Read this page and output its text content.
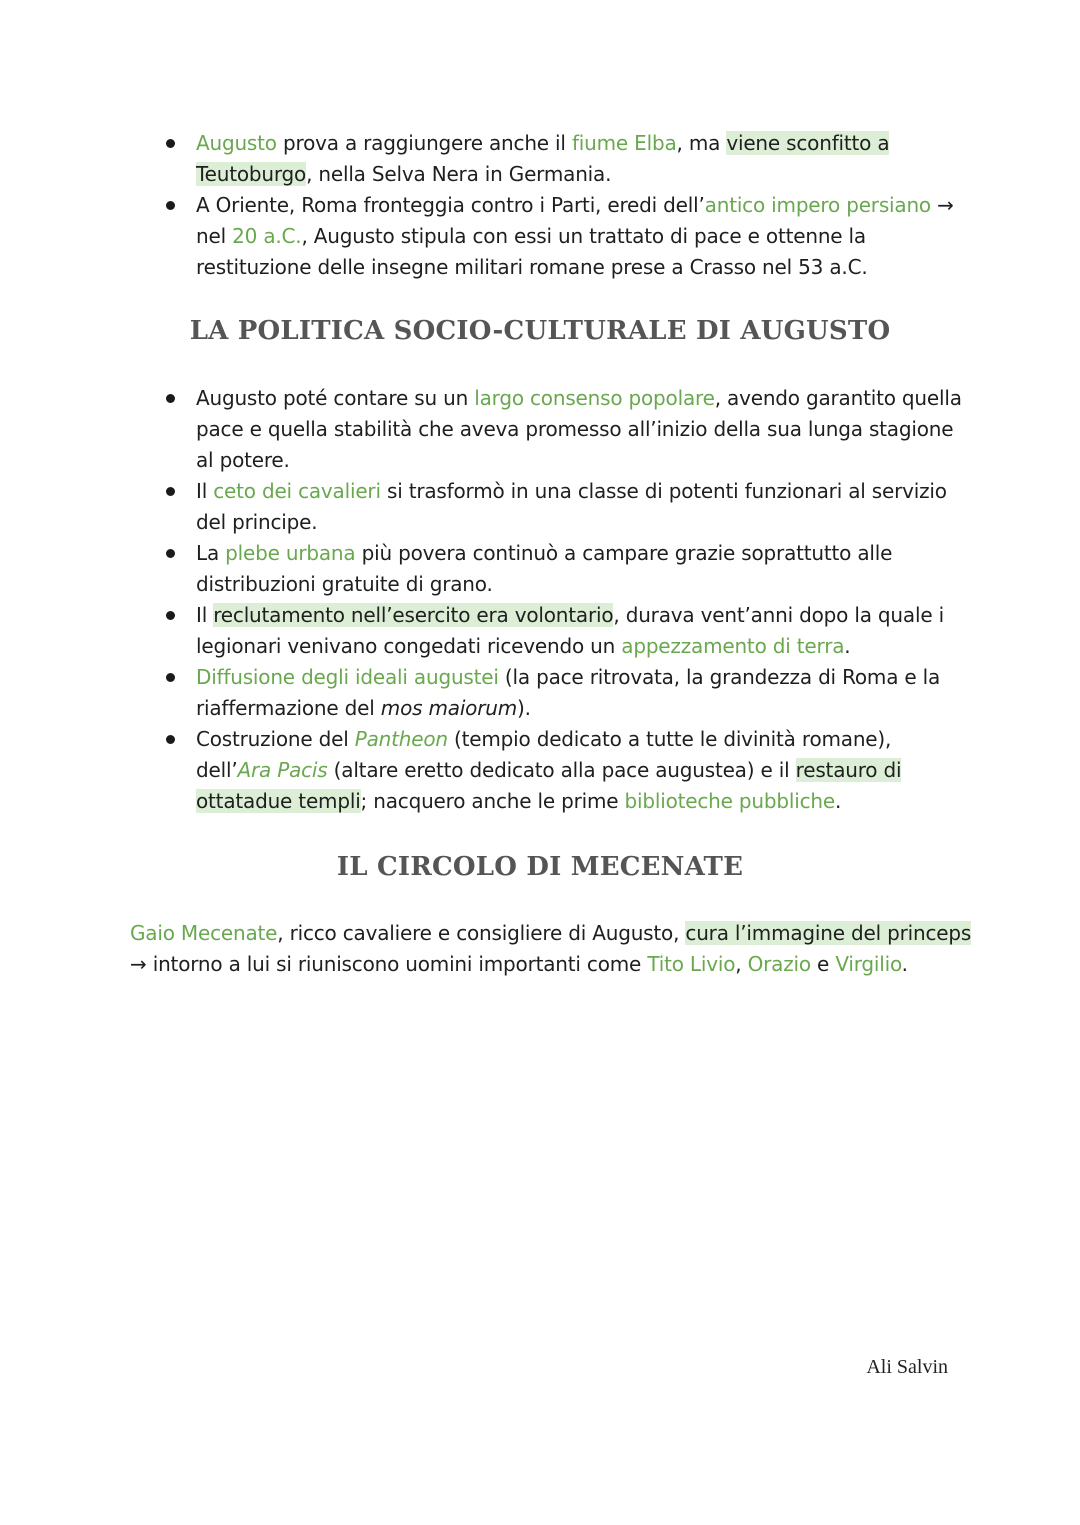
Augusto prova a raggiungere anche il fiume Elba, ma viene sconfitto a Teutoburgo, nella Selva Nera in Germania.
A Oriente, Roma fronteggia contro i Parti, eredi dell’antico impero persiano → nel 20 a.C., Augusto stipula con essi un trattato di pace e ottenne la restituzione delle insegne militari romane prese a Crasso nel 53 a.C.
LA POLITICA SOCIO-CULTURALE DI AUGUSTO
Augusto poté contare su un largo consenso popolare, avendo garantito quella pace e quella stabilità che aveva promesso all’inizio della sua lunga stagione al potere.
Il ceto dei cavalieri si trasformò in una classe di potenti funzionari al servizio del principe.
La plebe urbana più povera continuò a campare grazie soprattutto alle distribuzioni gratuite di grano.
Il reclutamento nell’esercito era volontario, durava vent’anni dopo la quale i legionari venivano congedati ricevendo un appezzamento di terra.
Diffusione degli ideali augustei (la pace ritrovata, la grandezza di Roma e la riaffermazione del mos maiorum).
Costruzione del Pantheon (tempio dedicato a tutte le divinità romane), dell’Ara Pacis (altare eretto dedicato alla pace augustea) e il restauro di ottatadue templi; nacquero anche le prime biblioteche pubbliche.
IL CIRCOLO DI MECENATE

Gaio Mecenate, ricco cavaliere e consigliere di Augusto, cura l’immagine del princeps → intorno a lui si riuniscono uomini importanti come Tito Livio, Orazio e Virgilio.

Ali Salvin
